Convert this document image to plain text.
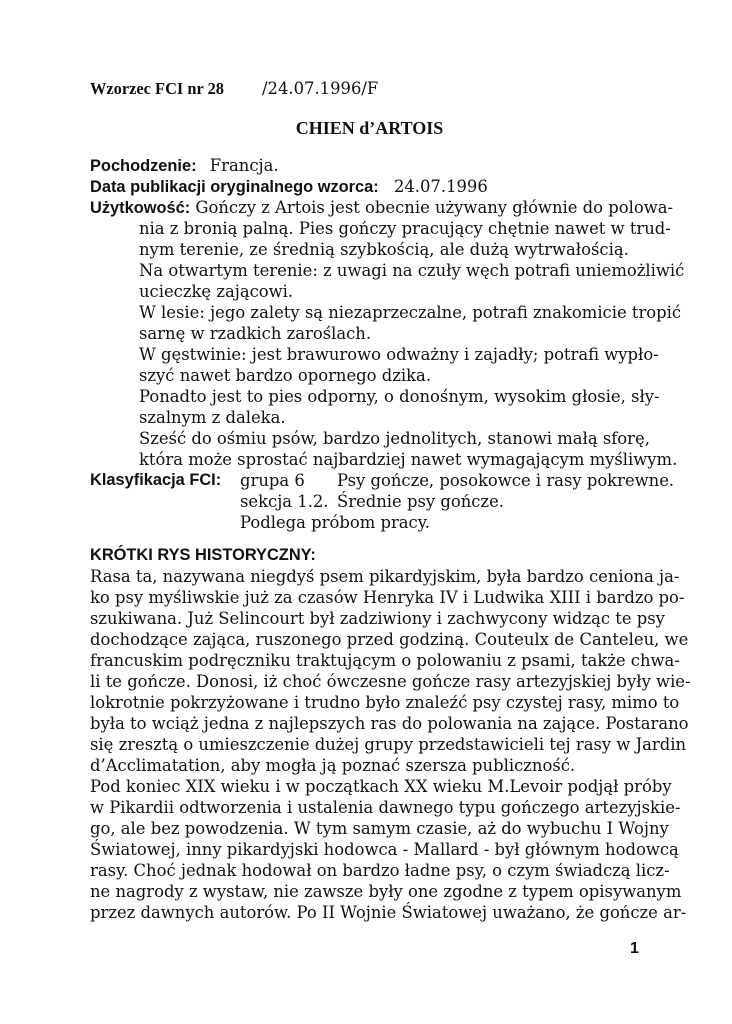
Wzorzec FCI nr 28 /24.07.1996/F
CHIEN d’ARTOIS
Pochodzenie: Francja.
Data publikacji oryginalnego wzorca: 24.07.1996
Użytkowość: Gończy z Artois jest obecnie używany głównie do polowa-
nia z bronią palną. Pies gończy pracujący chętnie nawet w trud-
nym terenie, ze średnią szybkością, ale dużą wytrwałością.
Na otwartym terenie: z uwagi na czuły węch potrafi uniemożliwić
ucieczkę zającowi.
W lesie: jego zalety są niezaprzeczalne, potrafi znakomicie tropić
sarnę w rzadkich zaroślach.
W gęstwinie: jest brawurowo odważny i zajadły; potrafi wypło-
szyć nawet bardzo opornego dzika.
Ponadto jest to pies odporny, o donośnym, wysokim głosie, sły-
szalnym z daleka.
Sześć do ośmiu psów, bardzo jednolitych, stanowi małą sforę,
która może sprostać najbardziej nawet wymagającym myśliwym.
Klasyfikacja FCI: grupa 6 Psy gończe, posokowce i rasy pokrewne.
sekcja 1.2. Średnie psy gończe.
Podlega próbom pracy.
KRÓTKI RYS HISTORYCZNY:
Rasa ta, nazywana niegdyś psem pikardyjskim, była bardzo ceniona ja-
ko psy myśliwskie już za czasów Henryka IV i Ludwika XIII i bardzo po-
szukiwana. Już Selincourt był zadziwiony i zachwycony widząc te psy
dochodzące zająca, ruszonego przed godziną. Couteulx de Canteleu, we
francuskim podręczniku traktującym o polowaniu z psami, także chwa-
li te gończe. Donosi, iż choć ówczesne gończe rasy artezyjskiej były wie-
lokrotnie pokrzyżowane i trudno było znaleźć psy czystej rasy, mimo to
była to wciąż jedna z najlepszych ras do polowania na zające. Postarano
się zresztą o umieszczenie dużej grupy przedstawicieli tej rasy w Jardin
d’Acclimatation, aby mogła ją poznać szersza publiczność.
Pod koniec XIX wieku i w początkach XX wieku M.Levoir podjął próby
w Pikardii odtworzenia i ustalenia dawnego typu gończego artezyjskie-
go, ale bez powodzenia. W tym samym czasie, aż do wybuchu I Wojny
Światowej, inny pikardyjski hodowca - Mallard - był głównym hodowcą
rasy. Choć jednak hodował on bardzo ładne psy, o czym świadczą licz-
ne nagrody z wystaw, nie zawsze były one zgodne z typem opisywanym
przez dawnych autorów. Po II Wojnie Światowej uważano, że gończe ar-
1
